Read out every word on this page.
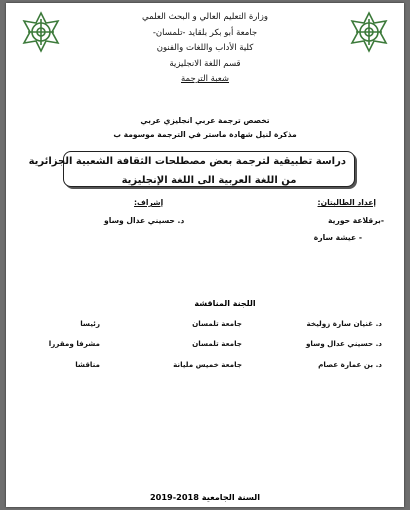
وزارة التعليم العالي و البحث العلمي
جامعة أبو بكر بلقايد -تلمسان-
كلية الأداب واللغات والفنون
قسم اللغة الانجليزية
شعبة الترجمة
تخصص ترجمة عربي انجليزي عربي
مذكرة لنيل شهادة ماستر في الترجمة موسومة ب
دراسة تطبيقية لترجمة بعض مصطلحات الثقافة الشعبية الجزائرية
من اللغة العربية الى اللغة الإنجليزية
إعداد الطالبتان:
-برقلاعة حورية
- عيشة سارة
إشراف:
د. حسيني عدال وساو
اللجنة المناقشة
د. غنيان سارة زوليخة
جامعة تلمسان
رئيسا
د. حسيني عدال وساو
جامعة تلمسان
مشرفا ومقررا
د. بن عمارة عصام
جامعة خميس مليانة
مناقشا
السنة الجامعية 2018-2019
